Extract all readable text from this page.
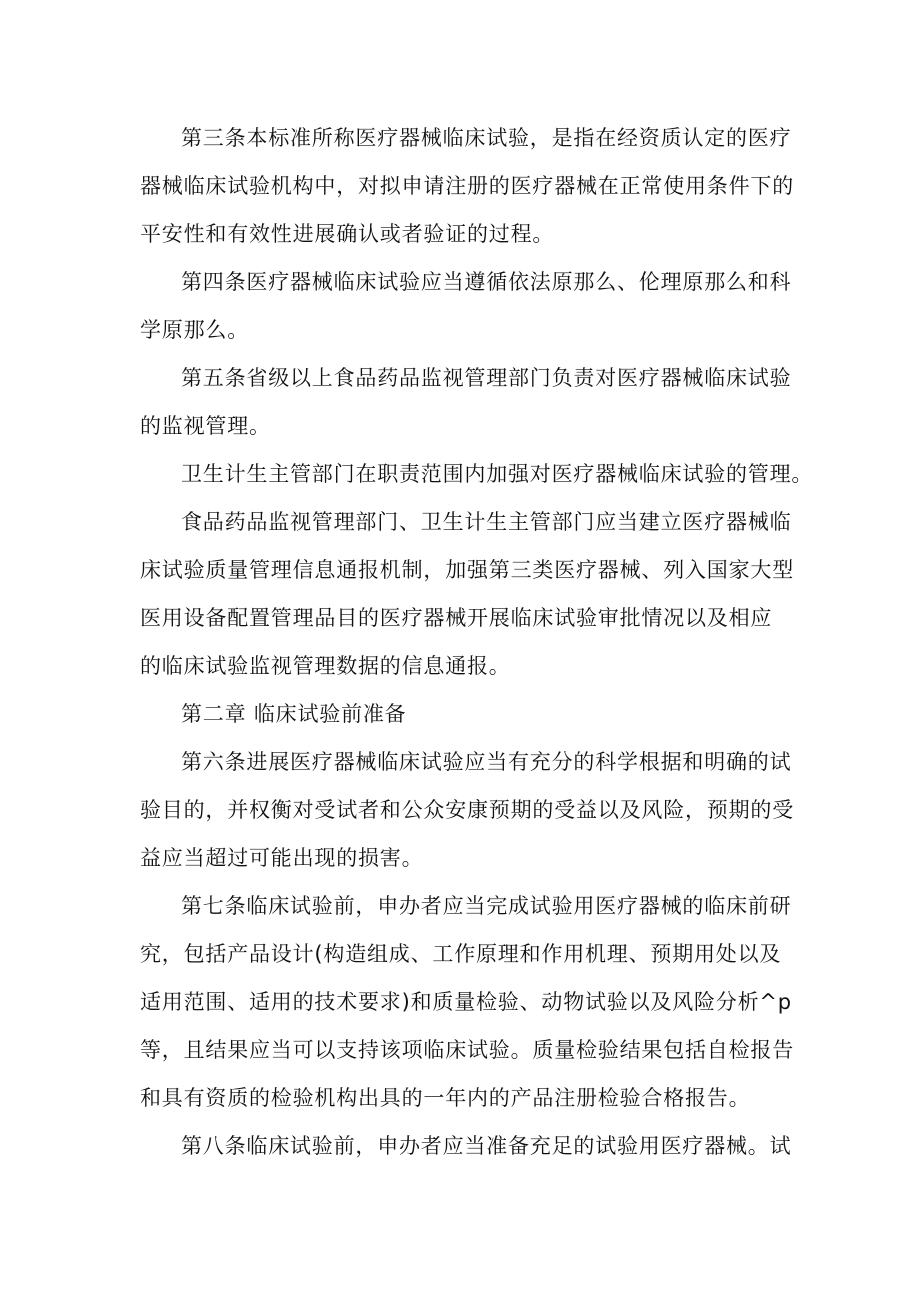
第三条本标准所称医疗器械临床试验，是指在经资质认定的医疗
器械临床试验机构中，对拟申请注册的医疗器械在正常使用条件下的
平安性和有效性进展确认或者验证的过程。
第四条医疗器械临床试验应当遵循依法原那么、伦理原那么和科
学原那么。
第五条省级以上食品药品监视管理部门负责对医疗器械临床试验
的监视管理。
卫生计生主管部门在职责范围内加强对医疗器械临床试验的管理。
食品药品监视管理部门、卫生计生主管部门应当建立医疗器械临
床试验质量管理信息通报机制，加强第三类医疗器械、列入国家大型
医用设备配置管理品目的医疗器械开展临床试验审批情况以及相应
的临床试验监视管理数据的信息通报。
第二章 临床试验前准备
第六条进展医疗器械临床试验应当有充分的科学根据和明确的试
验目的，并权衡对受试者和公众安康预期的受益以及风险，预期的受
益应当超过可能出现的损害。
第七条临床试验前，申办者应当完成试验用医疗器械的临床前研
究，包括产品设计(构造组成、工作原理和作用机理、预期用处以及
适用范围、适用的技术要求)和质量检验、动物试验以及风险分析^p
等，且结果应当可以支持该项临床试验。质量检验结果包括自检报告
和具有资质的检验机构出具的一年内的产品注册检验合格报告。
第八条临床试验前，申办者应当准备充足的试验用医疗器械。试
